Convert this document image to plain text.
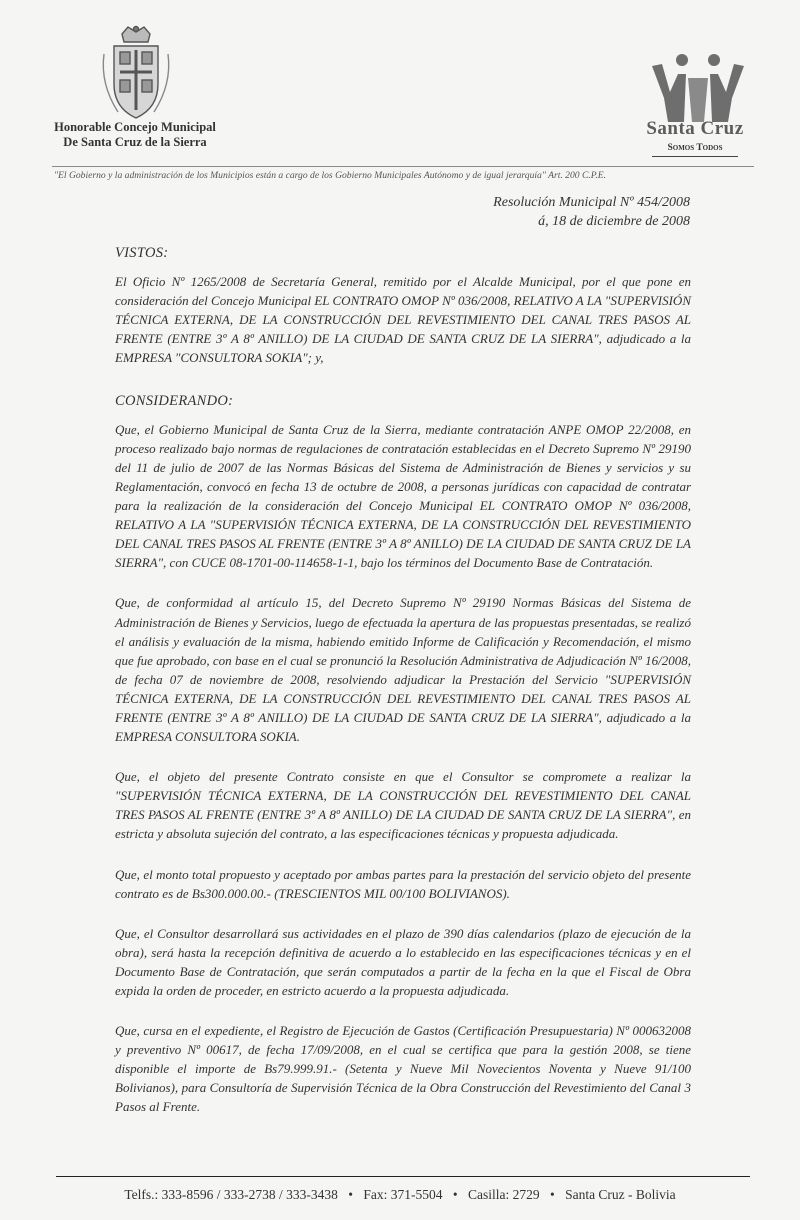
Honorable Concejo Municipal
De Santa Cruz de la Sierra
Santa Cruz
Somos Todos
"El Gobierno y la administración de los Municipios están a cargo de los Gobierno Municipales Autónomo y de igual jerarquía" Art. 200 C.P.E.
Resolución Municipal Nº 454/2008
á, 18 de diciembre de 2008
VISTOS:

El Oficio Nº 1265/2008 de Secretaría General, remitido por el Alcalde Municipal, por el que pone en consideración del Concejo Municipal EL CONTRATO OMOP Nº 036/2008, RELATIVO A LA "SUPERVISIÓN TÉCNICA EXTERNA, DE LA CONSTRUCCIÓN DEL REVESTIMIENTO DEL CANAL TRES PASOS AL FRENTE (ENTRE 3º A 8º ANILLO) DE LA CIUDAD DE SANTA CRUZ DE LA SIERRA", adjudicado a la EMPRESA "CONSULTORA SOKIA"; y,

CONSIDERANDO:

Que, el Gobierno Municipal de Santa Cruz de la Sierra, mediante contratación ANPE OMOP 22/2008, en proceso realizado bajo normas de regulaciones de contratación establecidas en el Decreto Supremo Nº 29190 del 11 de julio de 2007 de las Normas Básicas del Sistema de Administración de Bienes y servicios y su Reglamentación, convocó en fecha 13 de octubre de 2008, a personas jurídicas con capacidad de contratar para la realización de la consideración del Concejo Municipal EL CONTRATO OMOP Nº 036/2008, RELATIVO A LA "SUPERVISIÓN TÉCNICA EXTERNA, DE LA CONSTRUCCIÓN DEL REVESTIMIENTO DEL CANAL TRES PASOS AL FRENTE (ENTRE 3º A 8º ANILLO) DE LA CIUDAD DE SANTA CRUZ DE LA SIERRA", con CUCE 08-1701-00-114658-1-1, bajo los términos del Documento Base de Contratación.

Que, de conformidad al artículo 15, del Decreto Supremo Nº 29190 Normas Básicas del Sistema de Administración de Bienes y Servicios, luego de efectuada la apertura de las propuestas presentadas, se realizó el análisis y evaluación de la misma, habiendo emitido Informe de Calificación y Recomendación, el mismo que fue aprobado, con base en el cual se pronunció la Resolución Administrativa de Adjudicación Nº 16/2008, de fecha 07 de noviembre de 2008, resolviendo adjudicar la Prestación del Servicio "SUPERVISIÓN TÉCNICA EXTERNA, DE LA CONSTRUCCIÓN DEL REVESTIMIENTO DEL CANAL TRES PASOS AL FRENTE (ENTRE 3º A 8º ANILLO) DE LA CIUDAD DE SANTA CRUZ DE LA SIERRA", adjudicado a la EMPRESA CONSULTORA SOKIA.

Que, el objeto del presente Contrato consiste en que el Consultor se compromete a realizar la "SUPERVISIÓN TÉCNICA EXTERNA, DE LA CONSTRUCCIÓN DEL REVESTIMIENTO DEL CANAL TRES PASOS AL FRENTE (ENTRE 3º A 8º ANILLO) DE LA CIUDAD DE SANTA CRUZ DE LA SIERRA", en estricta y absoluta sujeción del contrato, a las especificaciones técnicas y propuesta adjudicada.

Que, el monto total propuesto y aceptado por ambas partes para la prestación del servicio objeto del presente contrato es de Bs300.000.00.- (TRESCIENTOS MIL 00/100 BOLIVIANOS).

Que, el Consultor desarrollará sus actividades en el plazo de 390 días calendarios (plazo de ejecución de la obra), será hasta la recepción definitiva de acuerdo a lo establecido en las especificaciones técnicas y en el Documento Base de Contratación, que serán computados a partir de la fecha en la que el Fiscal de Obra expida la orden de proceder, en estricto acuerdo a la propuesta adjudicada.

Que, cursa en el expediente, el Registro de Ejecución de Gastos (Certificación Presupuestaria) Nº 000632008 y preventivo Nº 00617, de fecha 17/09/2008, en el cual se certifica que para la gestión 2008, se tiene disponible el importe de Bs79.999.91.- (Setenta y Nueve Mil Novecientos Noventa y Nueve 91/100 Bolivianos), para Consultoría de Supervisión Técnica de la Obra Construcción del Revestimiento del Canal 3 Pasos al Frente.

Telfs.: 333-8596 / 333-2738 / 333-3438 • Fax: 371-5504 • Casilla: 2729 • Santa Cruz - Bolivia
